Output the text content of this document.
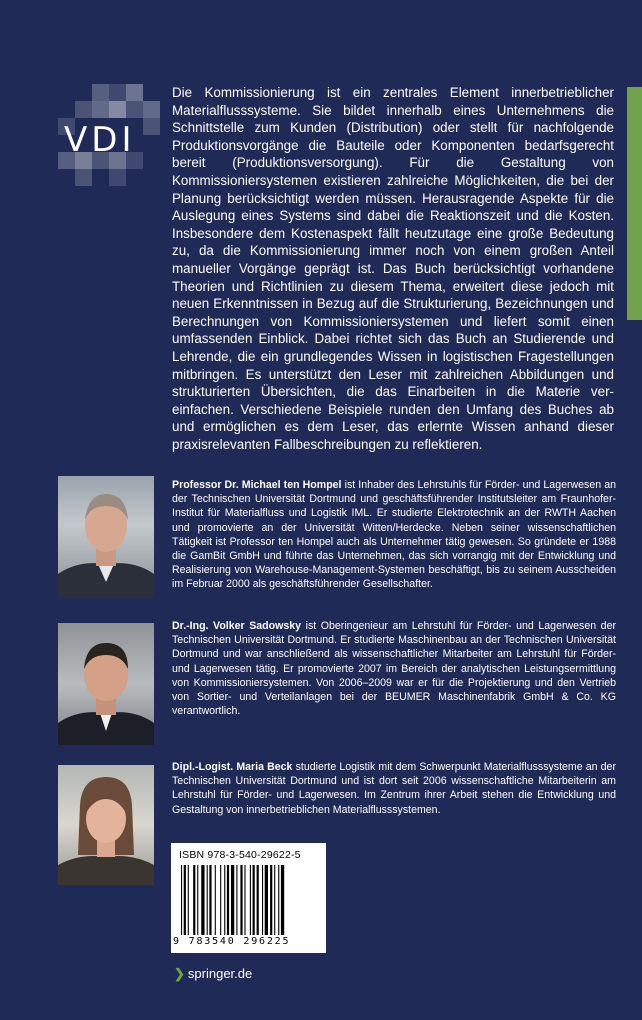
VDI

Die Kommissionierung ist ein zentrales Element innerbetrieblicher Materialflusssysteme. Sie bildet innerhalb eines Unternehmens die Schnittstelle zum Kunden (Distribution) oder stellt für nachfolgende Produktionsvorgänge die Bauteile oder Komponenten bedarfsgerecht bereit (Produktionsversorgung). Für die Gestaltung von Kommissioniersystemen existieren zahlreiche Möglichkeiten, die bei der Planung berücksichtigt werden müssen. Herausragende Aspekte für die Auslegung eines Systems sind dabei die Reaktionszeit und die Kosten. Insbesondere dem Kostenaspekt fällt heutzutage eine große Bedeutung zu, da die Kommissionierung immer noch von einem großen Anteil manueller Vorgänge geprägt ist. Das Buch berücksichtigt vorhandene Theorien und Richtlinien zu diesem Thema, erweitert diese jedoch mit neuen Erkenntnissen in Bezug auf die Strukturierung, Bezeichnungen und Berechnungen von Kommissioniersystemen und liefert somit einen umfassenden Einblick. Dabei richtet sich das Buch an Studierende und Lehrende, die ein grundlegendes Wissen in logistischen Fragestellungen mitbringen. Es unterstützt den Leser mit zahlreichen Abbildungen und strukturierten Übersichten, die das Einarbeiten in die Materie vereinfachen. Verschiedene Beispiele runden den Umfang des Buches ab und ermöglichen es dem Leser, das erlernte Wissen anhand dieser praxisrelevanten Fallbeschreibungen zu reflektieren.

Professor Dr. Michael ten Hompel ist Inhaber des Lehrstuhls für Förder- und Lagerwesen an der Technischen Universität Dortmund und geschäftsführender Institutsleiter am Fraunhofer-Institut für Materialfluss und Logistik IML. Er studierte Elektrotechnik an der RWTH Aachen und promovierte an der Universität Witten/Herdecke. Neben seiner wissenschaftlichen Tätigkeit ist Professor ten Hompel auch als Unternehmer tätig gewesen. So gründete er 1988 die GamBit GmbH und führte das Unternehmen, das sich vorrangig mit der Entwicklung und Realisierung von Warehouse-Management-Systemen beschäftigt, bis zu seinem Ausscheiden im Februar 2000 als geschäftsführender Gesellschafter.

Dr.-Ing. Volker Sadowsky ist Oberingenieur am Lehrstuhl für Förder- und Lagerwesen der Technischen Universität Dortmund. Er studierte Maschinenbau an der Technischen Universität Dortmund und war anschließend als wissenschaftlicher Mitarbeiter am Lehrstuhl für Förder- und Lagerwesen tätig. Er promovierte 2007 im Bereich der analytischen Leistungsermittlung von Kommissioniersystemen. Von 2006–2009 war er für die Projektierung und den Vertrieb von Sortier- und Verteilanlagen bei der BEUMER Maschinenfabrik GmbH & Co. KG verantwortlich.

Dipl.-Logist. Maria Beck studierte Logistik mit dem Schwerpunkt Materialflusssysteme an der Technischen Universität Dortmund und ist dort seit 2006 wissenschaftliche Mitarbeiterin am Lehrstuhl für Förder- und Lagerwesen. Im Zentrum ihrer Arbeit stehen die Entwicklung und Gestaltung von innerbetrieblichen Materialflusssystemen.

ISBN 978-3-540-29622-5
9 783540 296225
❯ springer.de
